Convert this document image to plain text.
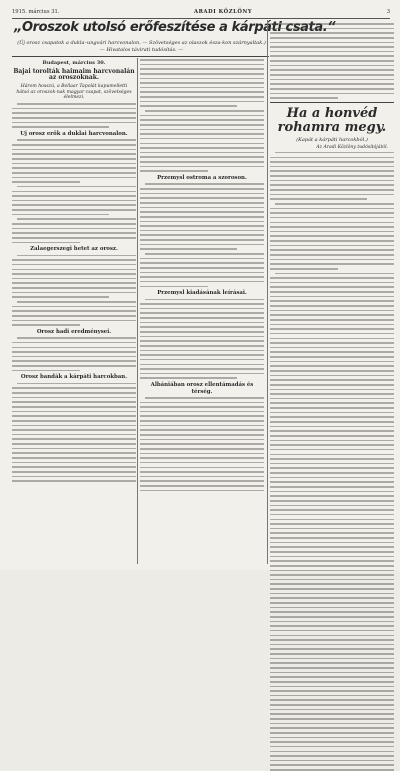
1915. március 31.	ARADI KÖZLÖNY	3
„Oroszok utolsó erőfeszítése a kárpáti csata.“
(Új orosz csapatok a dukla–ungvári harcvonalon. — Szövetséges az olaszok észa-kon szárnyaltak.)
— Hivatalos távirati tudósítás. —
Budapest, március 30.
Bajai torolták haimaim harcvonalán az oroszoknak.
Három hosszú, a Bellaar Tapolát kapumelletti hátsó az oroszok-nak magyar csapat, szövetséges élelmezi.
Uj orosz erők a duklai harcvonalon.
Zalaegerszegi hetet az orosz.
Orosz hadi eredménysei.
Orosz bandák a kárpáti harcokban.
Przemysl ostroma a szoroson.
Przemysl kiadásának leírásai.
Albániában orosz ellentámadás és térség.
Ha a honvéd rohamra megy.
(Kapát a kárpáti harcokból.)
Az Aradi Közlöny tudósítójától.
